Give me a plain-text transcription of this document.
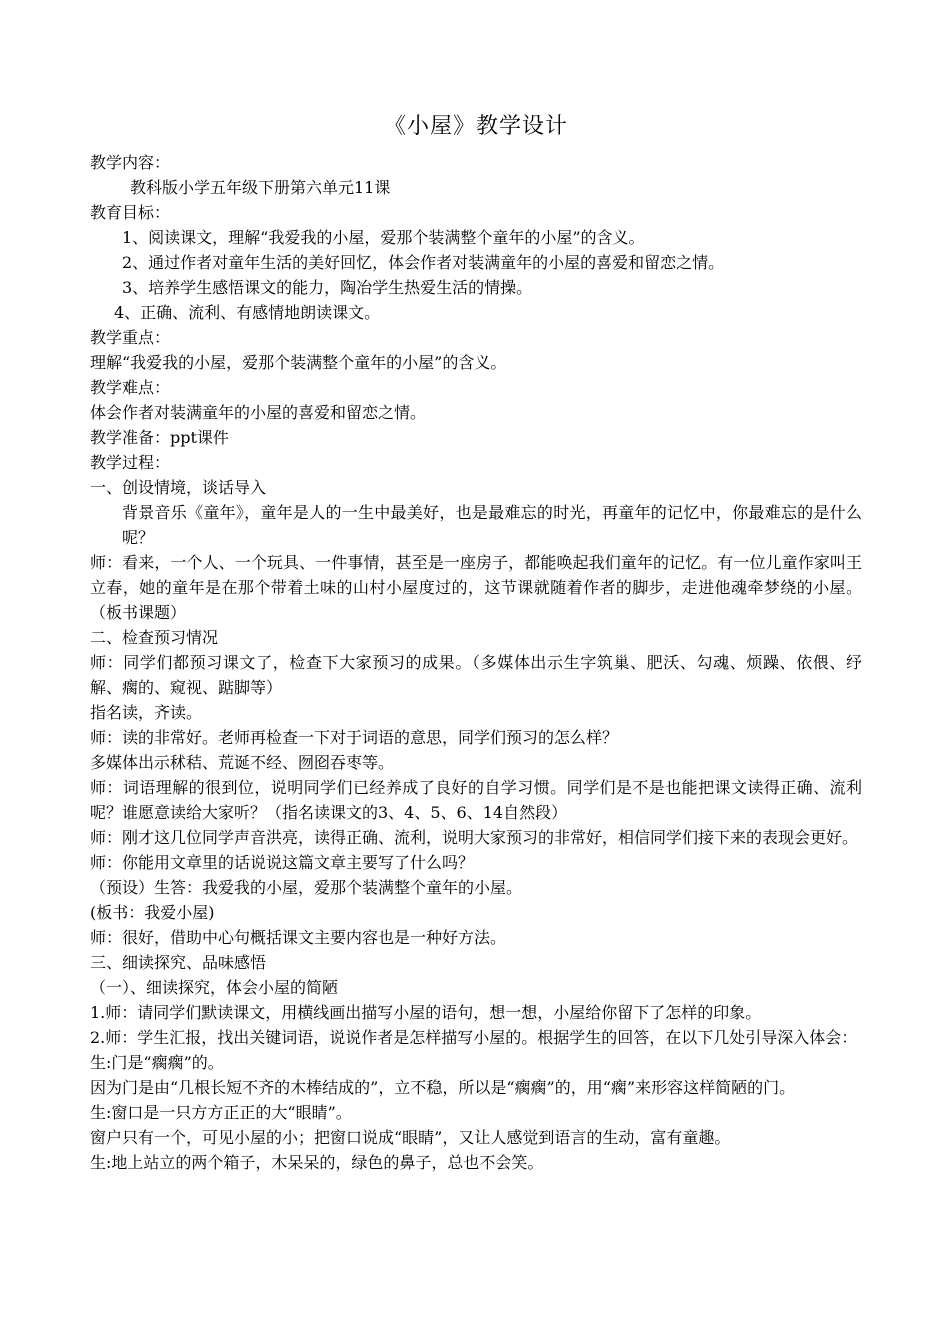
《小屋》教学设计

教学内容：

教科版小学五年级下册第六单元11课

教育目标：

1、阅读课文，理解“我爱我的小屋，爱那个装满整个童年的小屋”的含义。

2、通过作者对童年生活的美好回忆，体会作者对装满童年的小屋的喜爱和留恋之情。

3、培养学生感悟课文的能力，陶冶学生热爱生活的情操。

4、正确、流利、有感情地朗读课文。

教学重点：

理解“我爱我的小屋，爱那个装满整个童年的小屋”的含义。

教学难点：

体会作者对装满童年的小屋的喜爱和留恋之情。

教学准备：ppt课件

教学过程：

一、创设情境，谈话导入

背景音乐《童年》，童年是人的一生中最美好，也是最难忘的时光，再童年的记忆中，你最难忘的是什么呢？

师：看来，一个人、一个玩具、一件事情，甚至是一座房子，都能唤起我们童年的记忆。有一位儿童作家叫王立春，她的童年是在那个带着土味的山村小屋度过的，这节课就随着作者的脚步，走进他魂牵梦绕的小屋。（板书课题）

二、检查预习情况

师：同学们都预习课文了，检查下大家预习的成果。（多媒体出示生字筑巢、肥沃、勾魂、烦躁、依偎、纾解、瘸的、窥视、踮脚等）

指名读，齐读。

师：读的非常好。老师再检查一下对于词语的意思，同学们预习的怎么样？

多媒体出示秫秸、荒诞不经、囫囵吞枣等。

师：词语理解的很到位，说明同学们已经养成了良好的自学习惯。同学们是不是也能把课文读得正确、流利呢？谁愿意读给大家听？（指名读课文的3、4、5、6、14自然段）

师：刚才这几位同学声音洪亮，读得正确、流利，说明大家预习的非常好，相信同学们接下来的表现会更好。

师：你能用文章里的话说说这篇文章主要写了什么吗？

（预设）生答：我爱我的小屋，爱那个装满整个童年的小屋。

(板书：我爱小屋)

师：很好，借助中心句概括课文主要内容也是一种好方法。

三、细读探究、品味感悟

（一）、细读探究，体会小屋的简陋

1.师：请同学们默读课文，用横线画出描写小屋的语句，想一想，小屋给你留下了怎样的印象。

2.师：学生汇报，找出关键词语，说说作者是怎样描写小屋的。根据学生的回答，在以下几处引导深入体会：

生:门是“瘸瘸”的。

因为门是由“几根长短不齐的木棒结成的”，立不稳，所以是“瘸瘸”的，用“瘸”来形容这样简陋的门。

生:窗口是一只方方正正的大“眼睛”。

窗户只有一个，可见小屋的小；把窗口说成“眼睛”，又让人感觉到语言的生动，富有童趣。

生:地上站立的两个箱子，木呆呆的，绿色的鼻子，总也不会笑。
